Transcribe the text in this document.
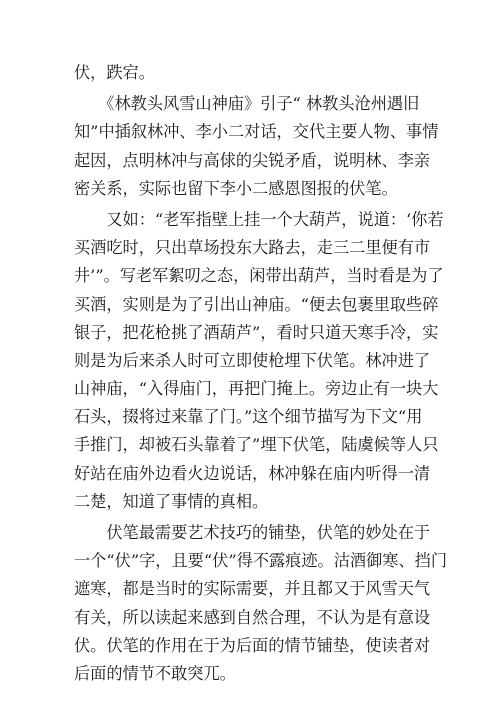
伏，跌宕。
　　《林教头风雪山神庙》引子“ 林教头沧州遇旧
知”中插叙林冲、李小二对话，交代主要人物、事情
起因，点明林冲与高俅的尖锐矛盾，说明林、李亲
密关系，实际也留下李小二感恩图报的伏笔。
　　又如：“老军指壁上挂一个大葫芦，说道：‘你若
买酒吃时，只出草场投东大路去，走三二里便有市
井’”。写老军絮叨之态，闲带出葫芦，当时看是为了
买酒，实则是为了引出山神庙。“便去包裹里取些碎
银子，把花枪挑了酒葫芦”，看时只道天寒手冷，实
则是为后来杀人时可立即使枪埋下伏笔。林冲进了
山神庙，“入得庙门，再把门掩上。旁边止有一块大
石头，掇将过来靠了门。”这个细节描写为下文“用
手推门，却被石头靠着了”埋下伏笔，陆虞候等人只
好站在庙外边看火边说话，林冲躲在庙内听得一清
二楚，知道了事情的真相。
　　伏笔最需要艺术技巧的铺垫，伏笔的妙处在于
一个“伏”字，且要“伏”得不露痕迹。沽酒御寒、挡门
遮寒，都是当时的实际需要，并且都又于风雪天气
有关，所以读起来感到自然合理，不认为是有意设
伏。伏笔的作用在于为后面的情节铺垫，使读者对
后面的情节不敢突兀。
